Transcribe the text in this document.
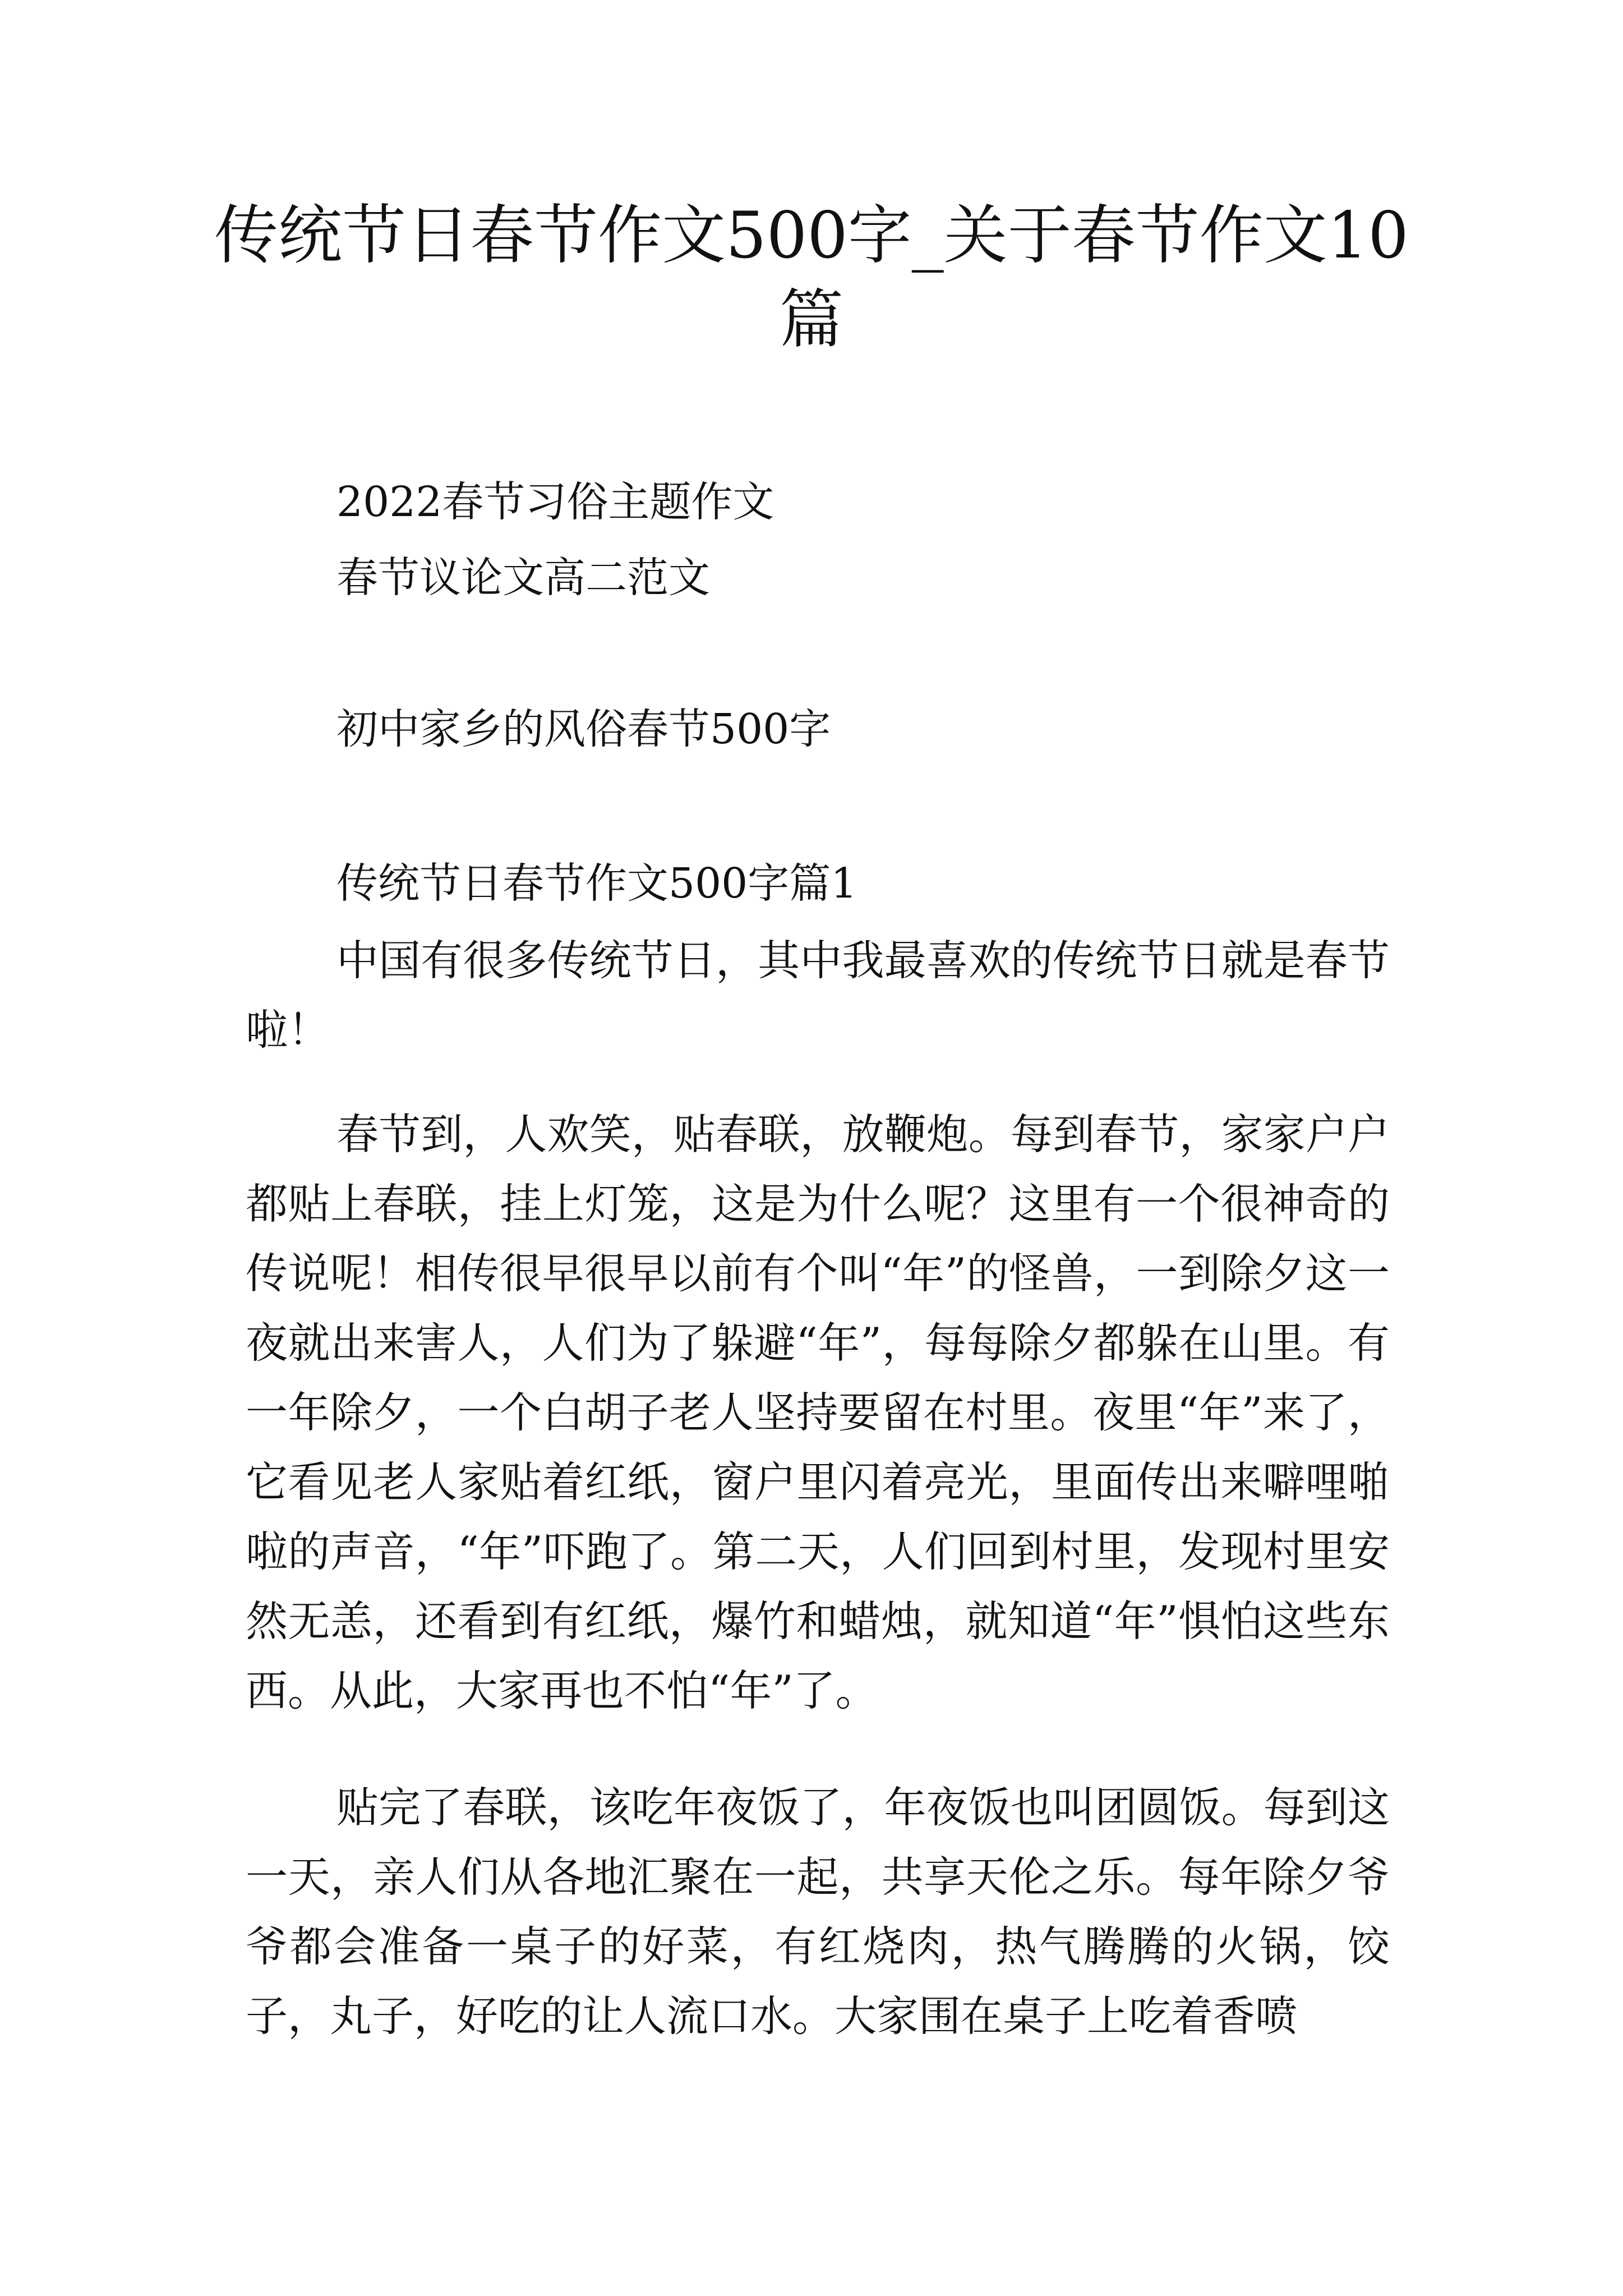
传统节日春节作文500字_关于春节作文10篇

2022春节习俗主题作文

春节议论文高二范文

初中家乡的风俗春节500字

传统节日春节作文500字篇1

中国有很多传统节日，其中我最喜欢的传统节日就是春节啦！

春节到，人欢笑，贴春联，放鞭炮。每到春节，家家户户都贴上春联，挂上灯笼，这是为什么呢？这里有一个很神奇的传说呢！相传很早很早以前有个叫“年”的怪兽，一到除夕这一夜就出来害人，人们为了躲避“年”，每每除夕都躲在山里。有一年除夕，一个白胡子老人坚持要留在村里。夜里“年”来了，它看见老人家贴着红纸，窗户里闪着亮光，里面传出来噼哩啪啦的声音，“年”吓跑了。第二天，人们回到村里，发现村里安然无恙，还看到有红纸，爆竹和蜡烛，就知道“年”惧怕这些东西。从此，大家再也不怕“年”了。

贴完了春联，该吃年夜饭了，年夜饭也叫团圆饭。每到这一天，亲人们从各地汇聚在一起，共享天伦之乐。每年除夕爷爷都会准备一桌子的好菜，有红烧肉，热气腾腾的火锅，饺子，丸子，好吃的让人流口水。大家围在桌子上吃着香喷
